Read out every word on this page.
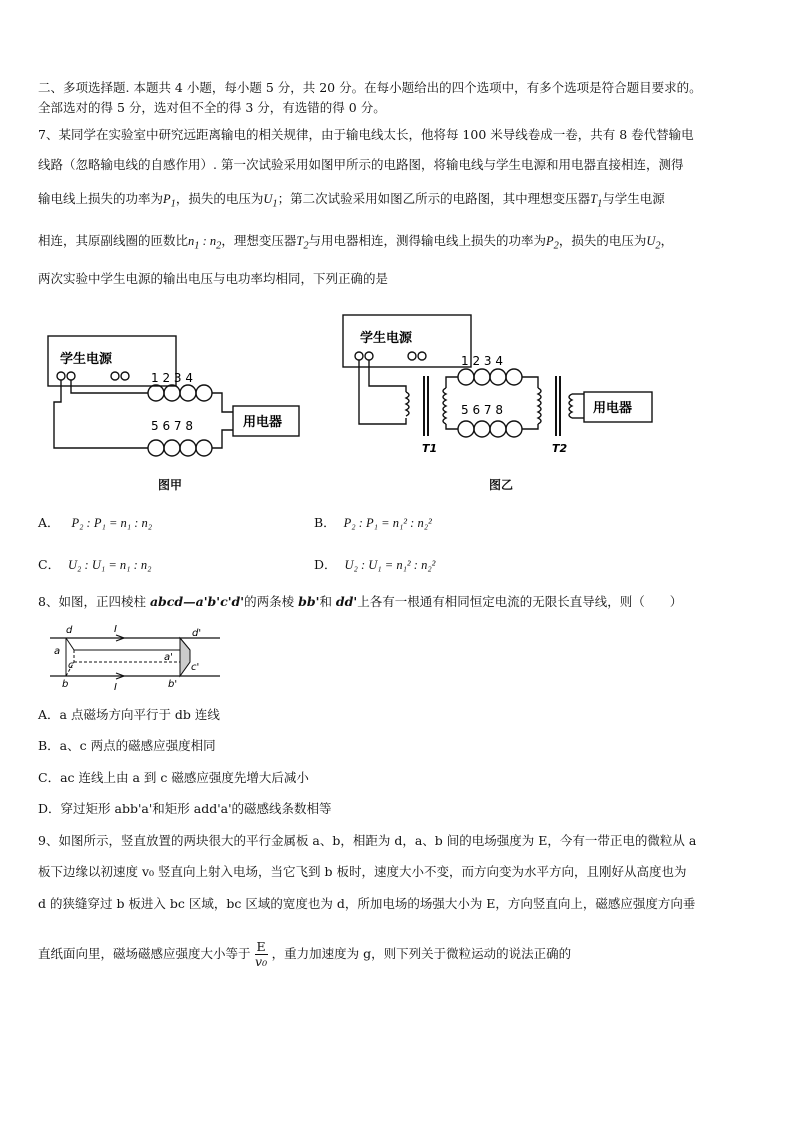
二、多项选择题. 本题共 4 小题，每小题 5 分，共 20 分。在每小题给出的四个选项中，有多个选项是符合题目要求的。
全部选对的得 5 分，选对但不全的得 3 分，有选错的得 0 分。
7、某同学在实验室中研究远距离输电的相关规律，由于输电线太长，他将每 100 米导线卷成一卷，共有 8 卷代替输电
线路（忽略输电线的自感作用）. 第一次试验采用如图甲所示的电路图，将输电线与学生电源和用电器直接相连，测得
输电线上损失的功率为$P_1$，损失的电压为$U_1$；第二次试验采用如图乙所示的电路图，其中理想变压器$T_1$与学生电源
相连，其原副线圈的匝数比$n_1$ : $n_2$，理想变压器$T_2$与用电器相连，测得输电线上损失的功率为$P_2$，损失的电压为$U_2$，
两次实验中学生电源的输出电压与电功率均相同，下列正确的是
学生电源
1 2 3 4
5 6 7 8	用电器
图甲
学生电源
1 2 3 4
5 6 7 8	用电器
T1	T2
图乙
A． P₂ : P₁ = n₁ : n₂	B． P₂ : P₁ = n₁² : n₂²
C． U₂ : U₁ = n₁ : n₂	D． U₂ : U₁ = n₁² : n₂²
8、如图，正四棱柱 abcd—a'b'c'd'的两条棱 bb'和 dd'上各有一根通有相同恒定电流的无限长直导线，则（　　）
d	I
a
c
b	I
a'
d'
c'
b'
A．a 点磁场方向平行于 db 连线
B．a、c 两点的磁感应强度相同
C．ac 连线上由 a 到 c 磁感应强度先增大后减小
D．穿过矩形 abb'a'和矩形 add'a'的磁感线条数相等
9、如图所示，竖直放置的两块很大的平行金属板 a、b，相距为 d，a、b 间的电场强度为 E，今有一带正电的微粒从 a
板下边缘以初速度 v₀ 竖直向上射入电场，当它飞到 b 板时，速度大小不变，而方向变为水平方向，且刚好从高度也为
d 的狭缝穿过 b 板进入 bc 区域，bc 区域的宽度也为 d，所加电场的场强大小为 E，方向竖直向上，磁感应强度方向垂
直纸面向里，磁场磁感应强度大小等于 $\frac{E}{\text{v₀}}$ ，重力加速度为 g，则下列关于微粒运动的说法正确的
